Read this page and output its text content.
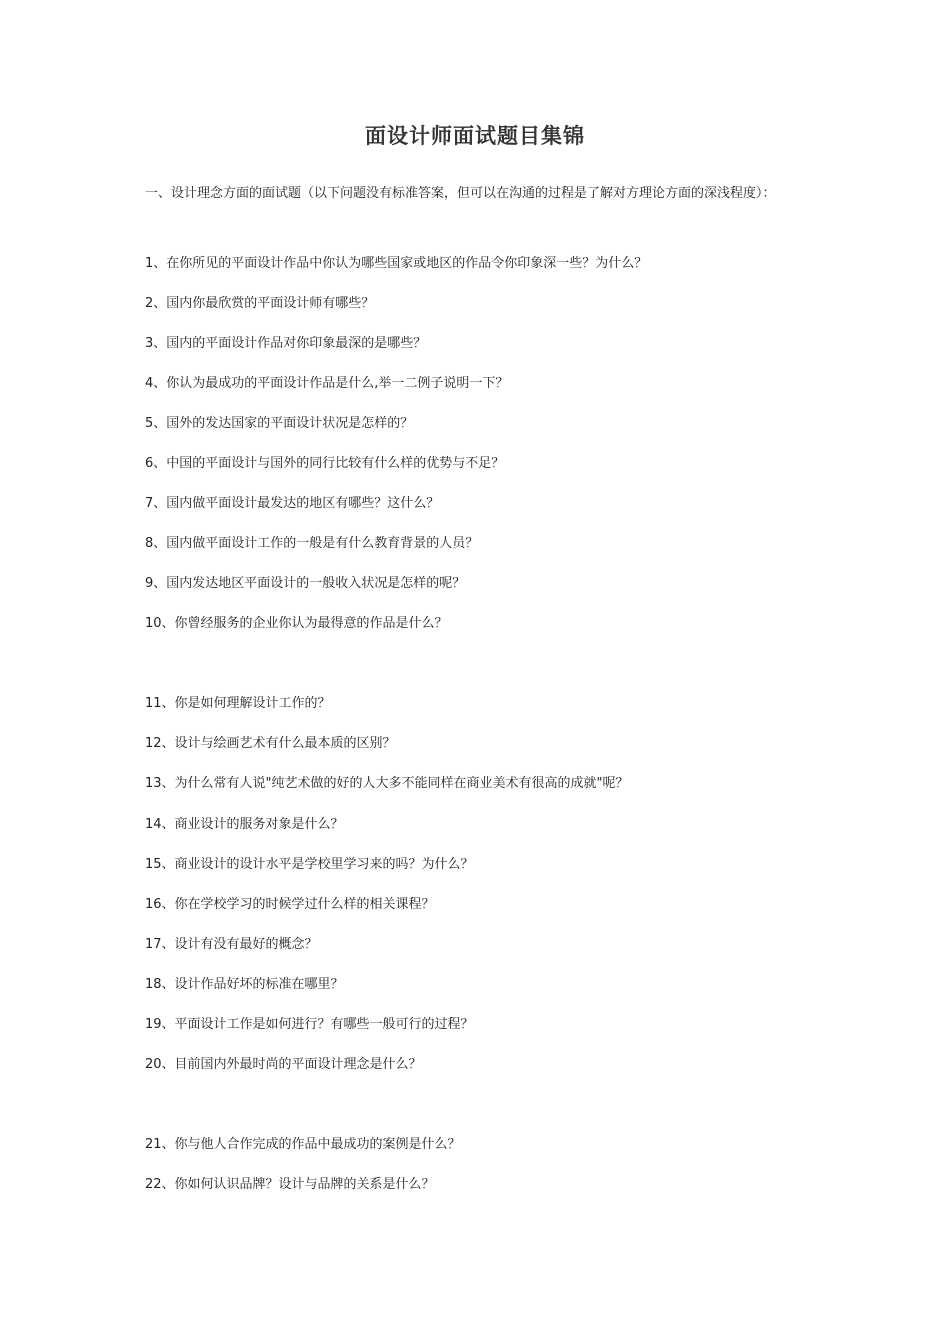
面设计师面试题目集锦
一、设计理念方面的面试题（以下问题没有标准答案，但可以在沟通的过程是了解对方理论方面的深浅程度）：
1、在你所见的平面设计作品中你认为哪些国家或地区的作品令你印象深一些？为什么？
2、国内你最欣赏的平面设计师有哪些？
3、国内的平面设计作品对你印象最深的是哪些？
4、你认为最成功的平面设计作品是什么,举一二例子说明一下？
5、国外的发达国家的平面设计状况是怎样的？
6、中国的平面设计与国外的同行比较有什么样的优势与不足？
7、国内做平面设计最发达的地区有哪些？这什么？
8、国内做平面设计工作的一般是有什么教育背景的人员？
9、国内发达地区平面设计的一般收入状况是怎样的呢？
10、你曾经服务的企业你认为最得意的作品是什么？
11、你是如何理解设计工作的？
12、设计与绘画艺术有什么最本质的区别？
13、为什么常有人说"纯艺术做的好的人大多不能同样在商业美术有很高的成就"呢？
14、商业设计的服务对象是什么？
15、商业设计的设计水平是学校里学习来的吗？为什么？
16、你在学校学习的时候学过什么样的相关课程？
17、设计有没有最好的概念？
18、设计作品好坏的标准在哪里？
19、平面设计工作是如何进行？有哪些一般可行的过程？
20、目前国内外最时尚的平面设计理念是什么？
21、你与他人合作完成的作品中最成功的案例是什么？
22、你如何认识品牌？设计与品牌的关系是什么？
